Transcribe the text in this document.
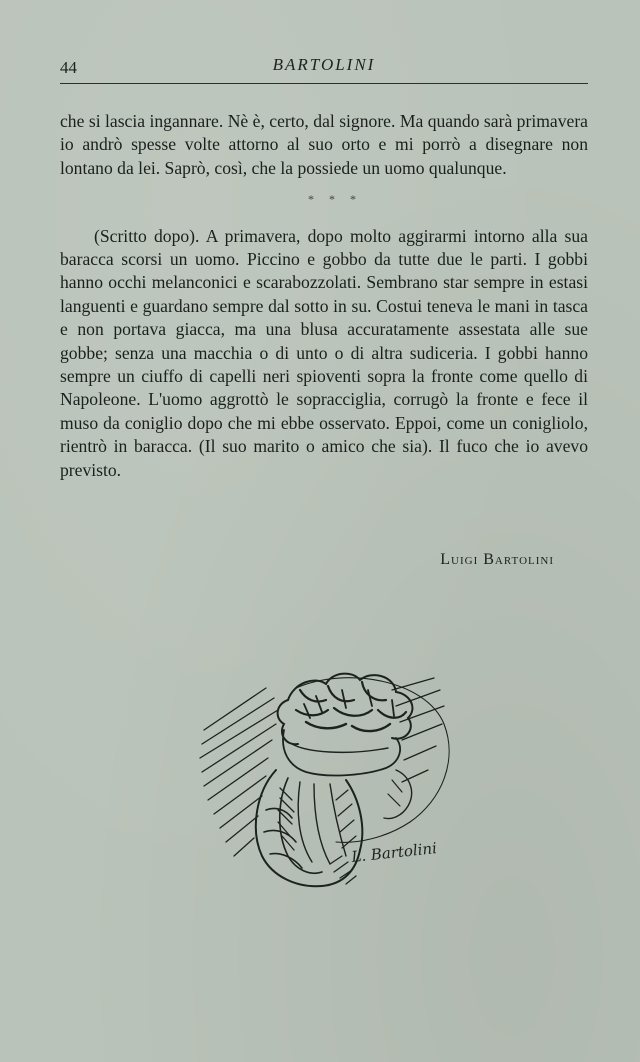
44	BARTOLINI

che si lascia ingannare. Nè è, certo, dal signore. Ma quando sarà primavera io andrò spesse volte attorno al suo orto e mi porrò a disegnare non lontano da lei. Saprò, così, che la possiede un uomo qualunque.

* * *

(Scritto dopo). A primavera, dopo molto aggirarmi intorno alla sua baracca scorsi un uomo. Piccino e gobbo da tutte due le parti. I gobbi hanno occhi melanconici e scarabozzolati. Sembrano star sempre in estasi languenti e guardano sempre dal sotto in su. Costui teneva le mani in tasca e non portava giacca, ma una blusa accuratamente assestata alle sue gobbe; senza una macchia o di unto o di altra sudiceria. I gobbi hanno sempre un ciuffo di capelli neri spioventi sopra la fronte come quello di Napoleone. L'uomo aggrottò le sopracciglia, corrugò la fronte e fece il muso da coniglio dopo che mi ebbe osservato. Eppoi, come un conigliolo, rientrò in baracca. (Il suo marito o amico che sia). Il fuco che io avevo previsto.

Luigi Bartolini
L. Bartolini
